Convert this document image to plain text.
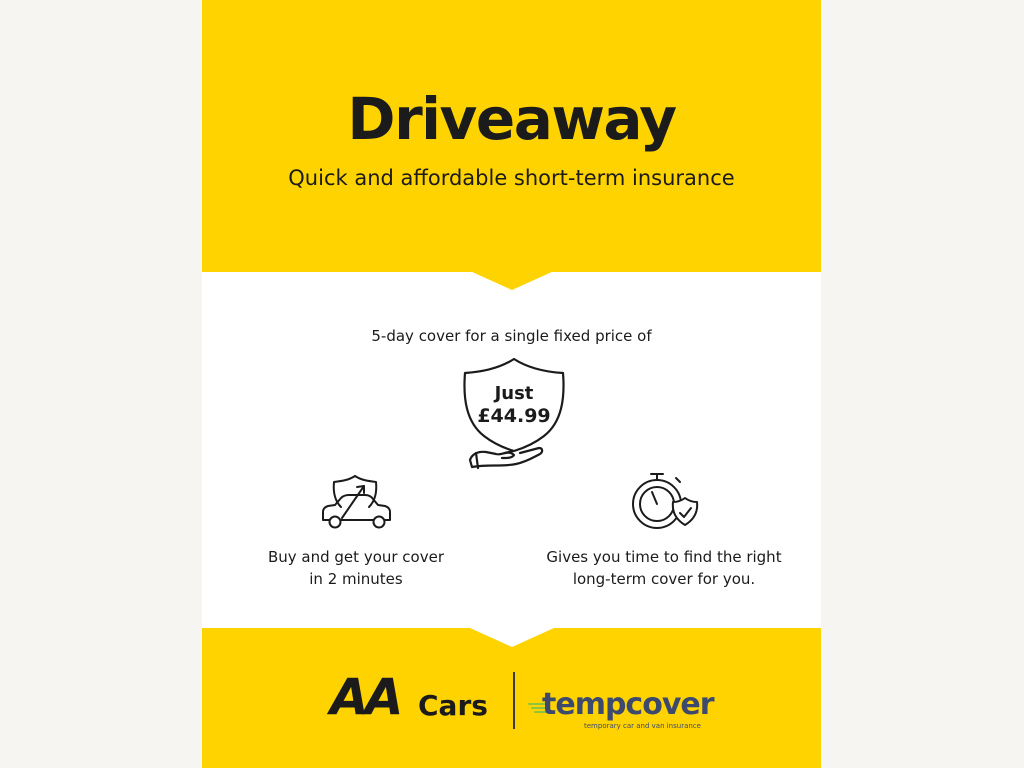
Driveaway

Quick and affordable short-term insurance

5-day cover for a single fixed price of
Just
£44.99
Buy and get your cover
in 2 minutes
Gives you time to find the right
long-term cover for you.
AA Cars tempcover
temporary car and van insurance
